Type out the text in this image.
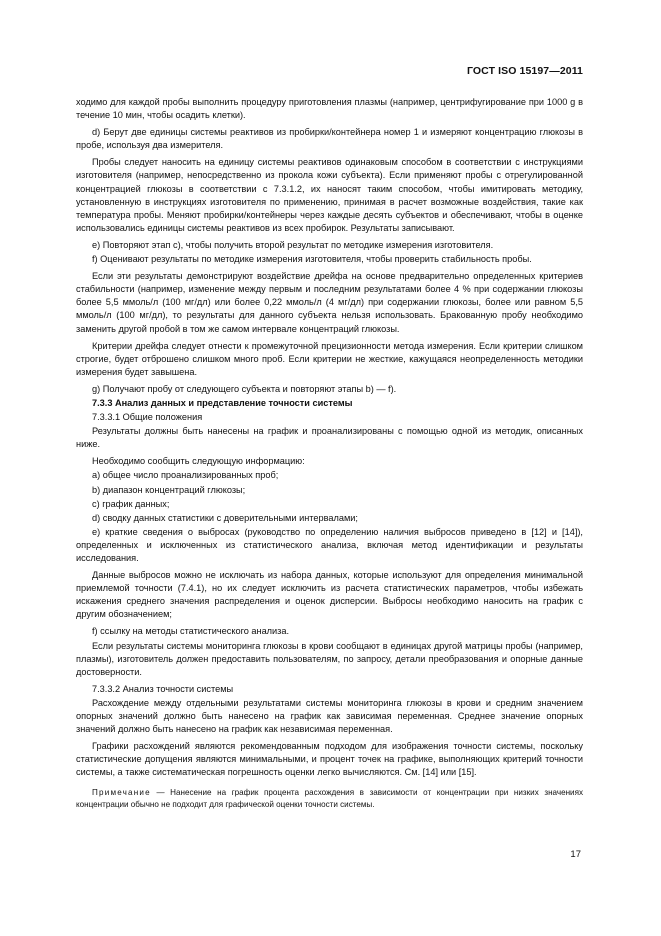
ГОСТ ISO 15197—2011

ходимо для каждой пробы выполнить процедуру приготовления плазмы (например, центрифугирование при 1000 g в течение 10 мин, чтобы осадить клетки).

d) Берут две единицы системы реактивов из пробирки/контейнера номер 1 и измеряют концентрацию глюкозы в пробе, используя два измерителя.

Пробы следует наносить на единицу системы реактивов одинаковым способом в соответствии с инструкциями изготовителя (например, непосредственно из прокола кожи субъекта). Если применяют пробы с отрегулированной концентрацией глюкозы в соответствии с 7.3.1.2, их наносят таким способом, чтобы имитировать методику, установленную в инструкциях изготовителя по применению, принимая в расчет возможные воздействия, такие как температура пробы. Меняют пробирки/контейнеры через каждые десять субъектов и обеспечивают, чтобы в оценке использовались единицы системы реактивов из всех пробирок. Результаты записывают.

e) Повторяют этап c), чтобы получить второй результат по методике измерения изготовителя.

f) Оценивают результаты по методике измерения изготовителя, чтобы проверить стабильность пробы.

Если эти результаты демонстрируют воздействие дрейфа на основе предварительно определенных критериев стабильности (например, изменение между первым и последним результатами более 4 % при содержании глюкозы более 5,5 ммоль/л (100 мг/дл) или более 0,22 ммоль/л (4 мг/дл) при содержании глюкозы, более или равном 5,5 ммоль/л (100 мг/дл), то результаты для данного субъекта нельзя использовать. Бракованную пробу необходимо заменить другой пробой в том же самом интервале концентраций глюкозы.

Критерии дрейфа следует отнести к промежуточной прецизионности метода измерения. Если критерии слишком строгие, будет отброшено слишком много проб. Если критерии не жесткие, кажущаяся неопределенность методики измерения будет завышена.

g) Получают пробу от следующего субъекта и повторяют этапы b) — f).

7.3.3 Анализ данных и представление точности системы

7.3.3.1 Общие положения

Результаты должны быть нанесены на график и проанализированы с помощью одной из методик, описанных ниже.

Необходимо сообщить следующую информацию:

a) общее число проанализированных проб;

b) диапазон концентраций глюкозы;

c) график данных;

d) сводку данных статистики с доверительными интервалами;

e) краткие сведения о выбросах (руководство по определению наличия выбросов приведено в [12] и [14]), определенных и исключенных из статистического анализа, включая метод идентификации и результаты исследования.

Данные выбросов можно не исключать из набора данных, которые используют для определения минимальной приемлемой точности (7.4.1), но их следует исключить из расчета статистических параметров, чтобы избежать искажения среднего значения распределения и оценок дисперсии. Выбросы необходимо наносить на график с другим обозначением;

f) ссылку на методы статистического анализа.

Если результаты системы мониторинга глюкозы в крови сообщают в единицах другой матрицы пробы (например, плазмы), изготовитель должен предоставить пользователям, по запросу, детали преобразования и опорные данные достоверности.

7.3.3.2 Анализ точности системы

Расхождение между отдельными результатами системы мониторинга глюкозы в крови и средним значением опорных значений должно быть нанесено на график как зависимая переменная. Среднее значение опорных значений должно быть нанесено на график как независимая переменная.

Графики расхождений являются рекомендованным подходом для изображения точности системы, поскольку статистические допущения являются минимальными, и процент точек на графике, выполняющих критерий точности системы, а также систематическая погрешность оценки легко вычисляются. См. [14] или [15].

Примечание — Нанесение на график процента расхождения в зависимости от концентрации при низких значениях концентрации обычно не подходит для графической оценки точности системы.

17
